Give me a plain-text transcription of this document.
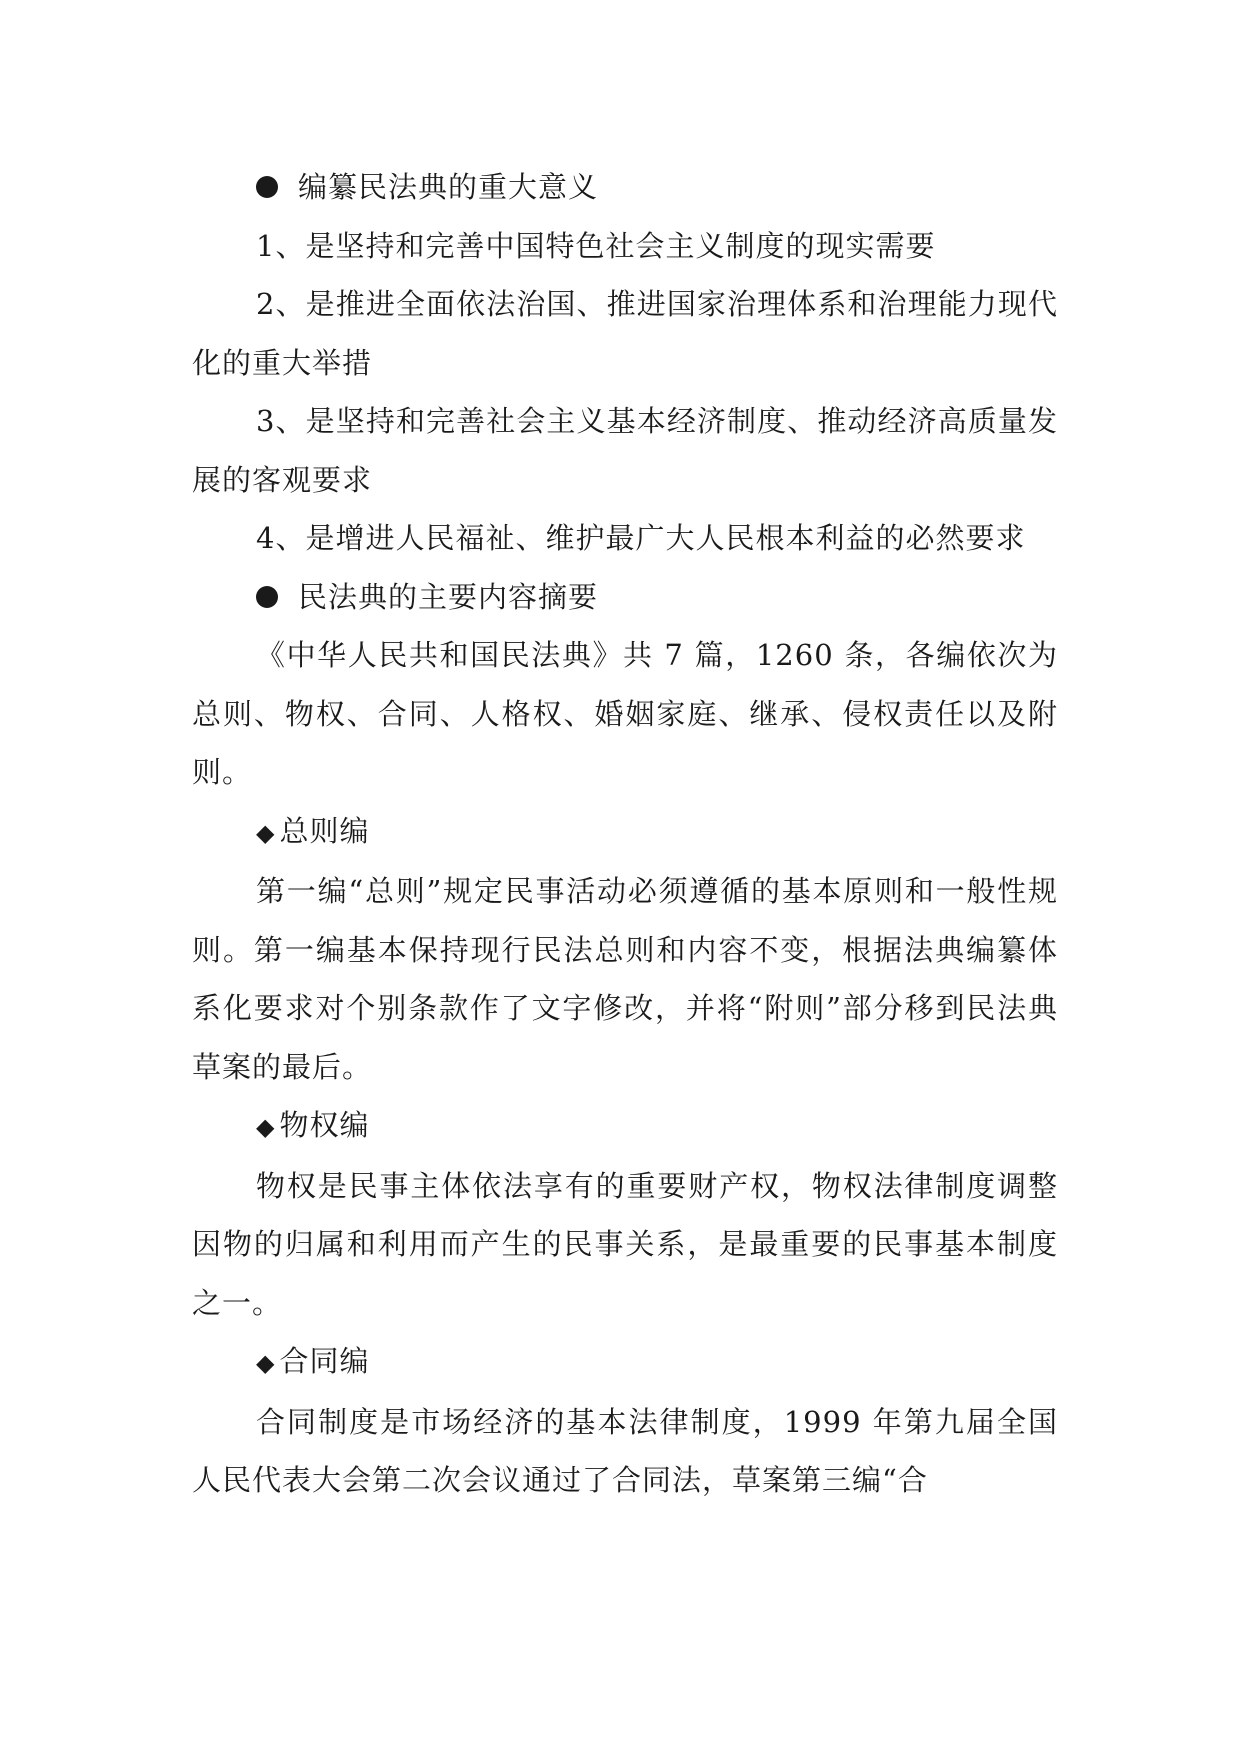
编纂民法典的重大意义

1、是坚持和完善中国特色社会主义制度的现实需要

2、是推进全面依法治国、推进国家治理体系和治理能力现代化的重大举措

3、是坚持和完善社会主义基本经济制度、推动经济高质量发展的客观要求

4、是增进人民福祉、维护最广大人民根本利益的必然要求

民法典的主要内容摘要

《中华人民共和国民法典》共 7 篇，1260 条，各编依次为总则、物权、合同、人格权、婚姻家庭、继承、侵权责任以及附则。

◆ 总则编

第一编“总则”规定民事活动必须遵循的基本原则和一般性规则。第一编基本保持现行民法总则和内容不变，根据法典编纂体系化要求对个别条款作了文字修改，并将“附则”部分移到民法典草案的最后。

◆ 物权编

物权是民事主体依法享有的重要财产权，物权法律制度调整因物的归属和利用而产生的民事关系，是最重要的民事基本制度之一。

◆ 合同编

合同制度是市场经济的基本法律制度，1999 年第九届全国人民代表大会第二次会议通过了合同法，草案第三编“合
